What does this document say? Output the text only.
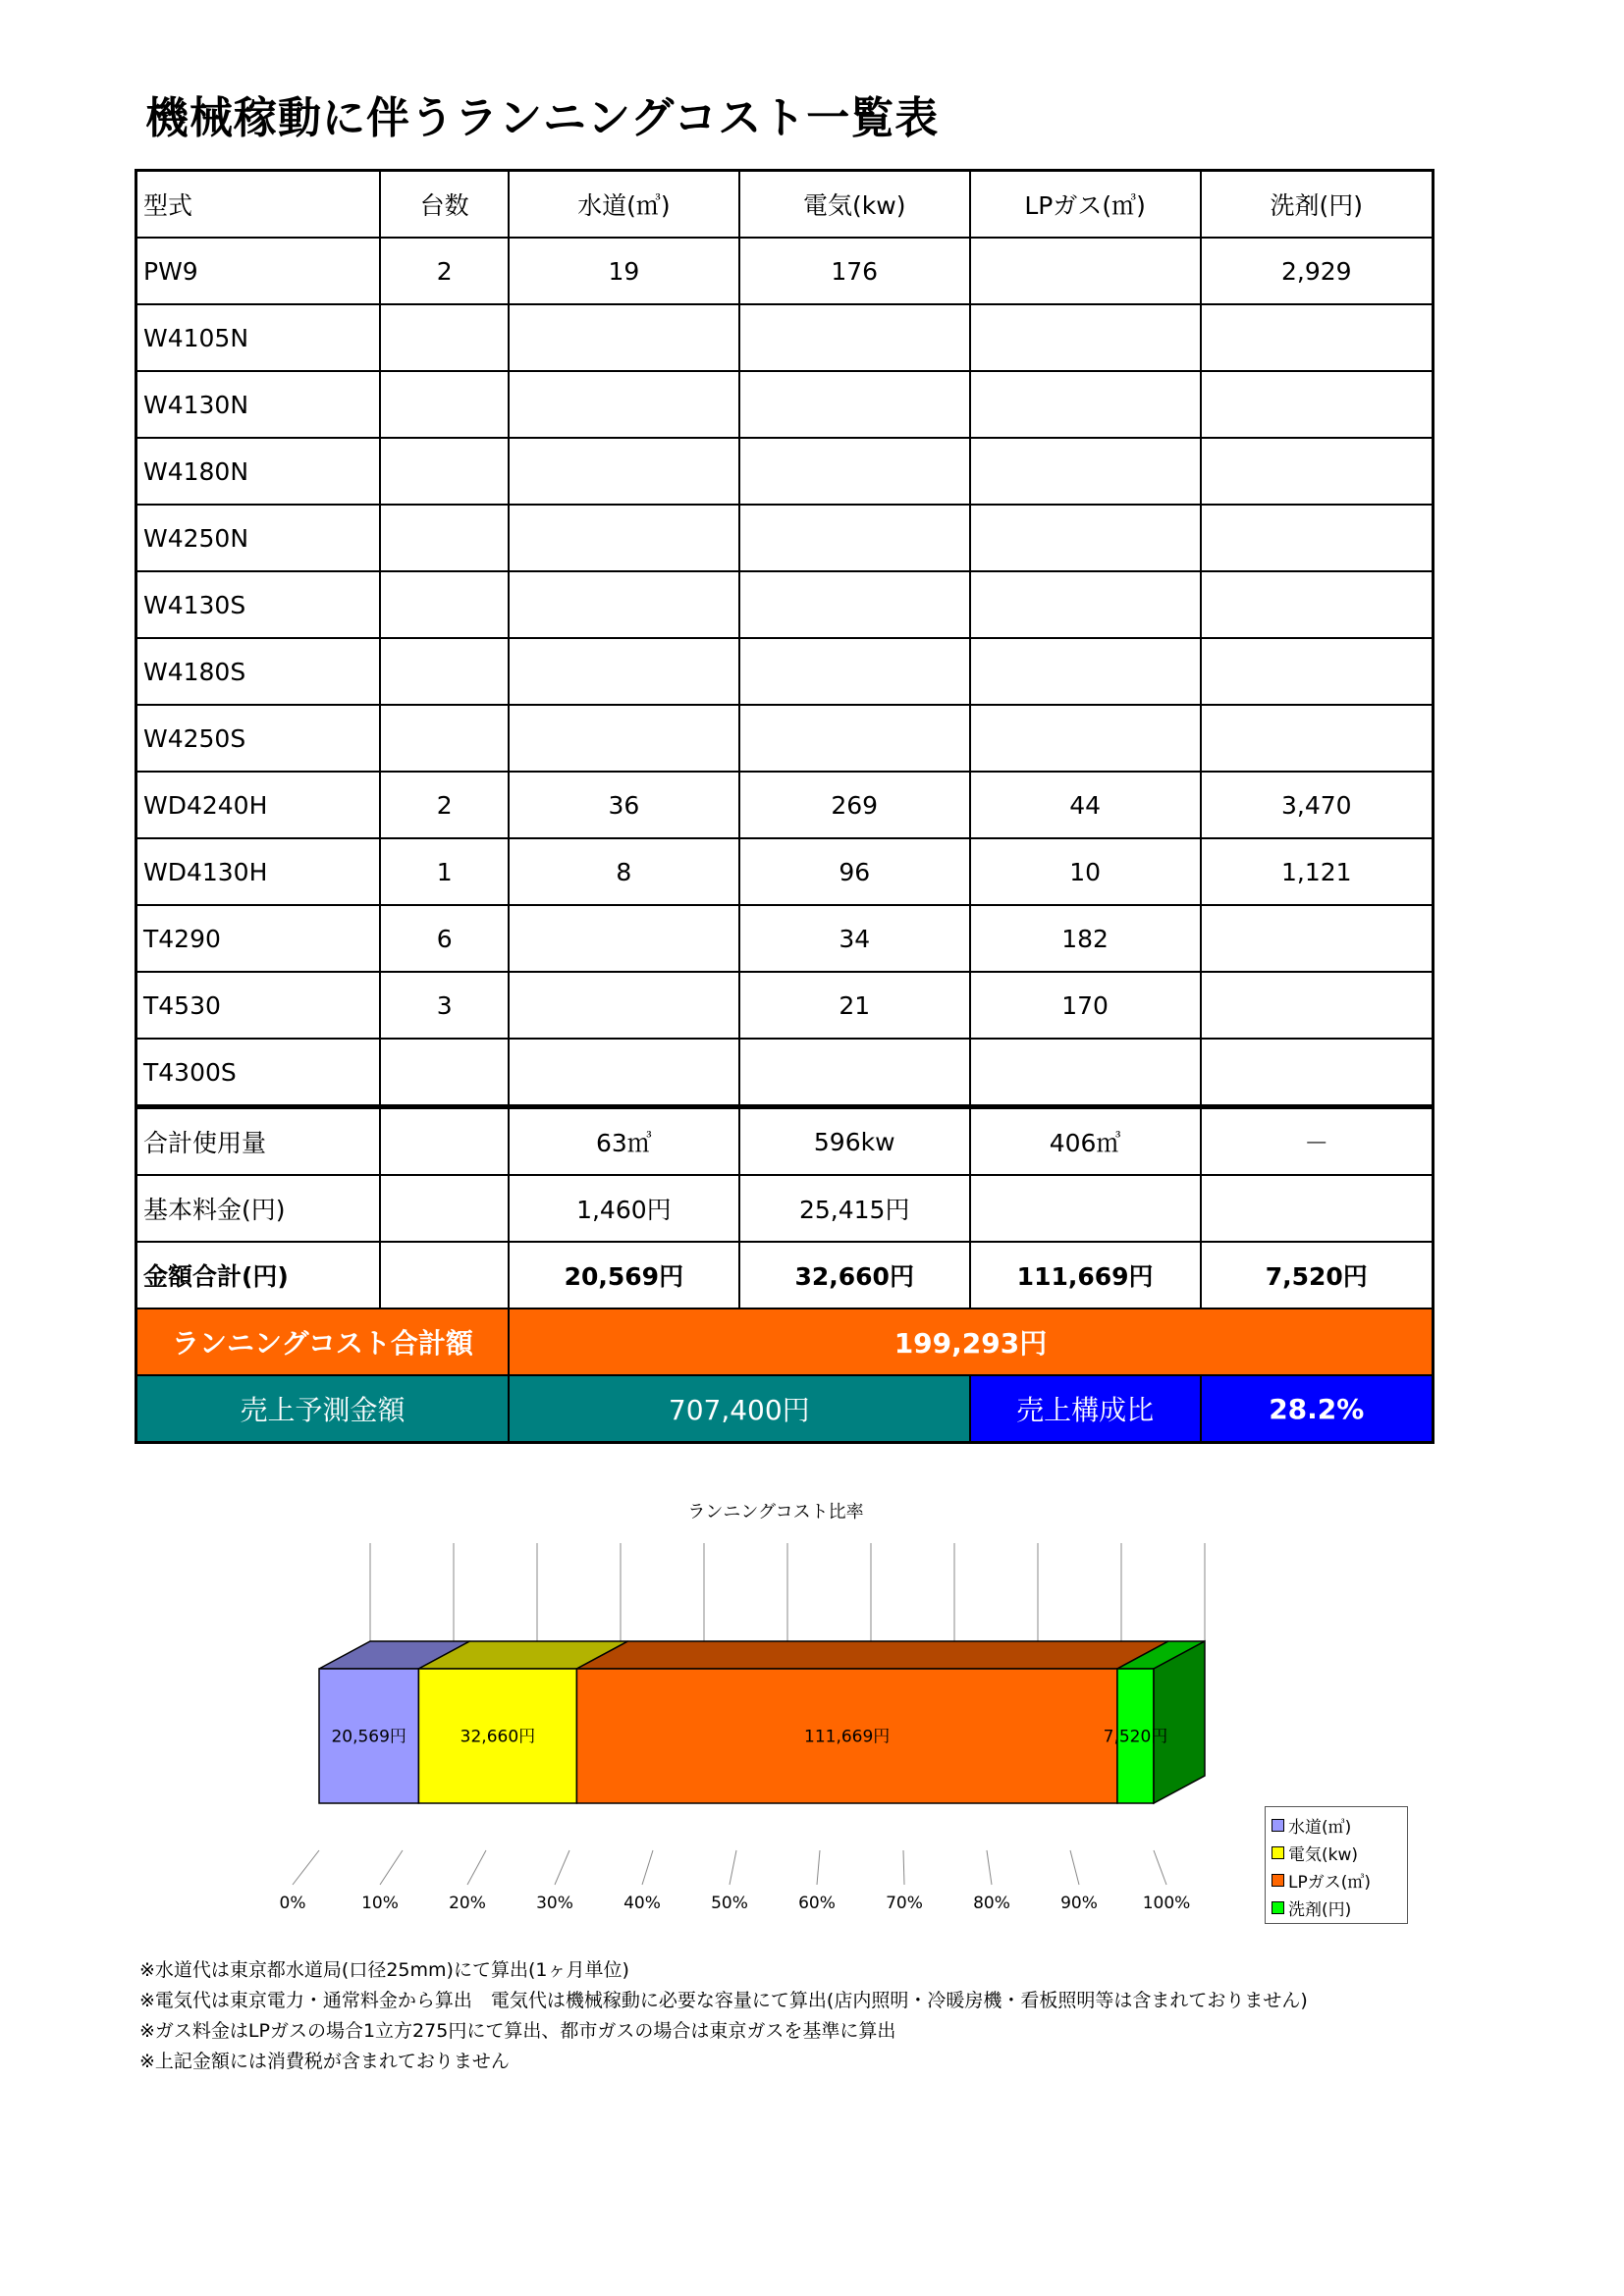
機械稼動に伴うランニングコスト一覧表
型式	台数	水道(㎥)	電気(kw)	LPガス(㎥)	洗剤(円)
PW9	2	19	176		2,929
W4105N					
W4130N					
W4180N					
W4250N					
W4130S					
W4180S					
W4250S					
WD4240H	2	36	269	44	3,470
WD4130H	1	8	96	10	1,121
T4290	6		34	182	
T4530	3		21	170	
T4300S					
合計使用量		63㎥	596kw	406㎥	－
基本料金(円)		1,460円	25,415円		
金額合計(円)		20,569円	32,660円	111,669円	7,520円
ランニングコスト合計額		199,293円			
売上予測金額		707,400円		売上構成比	28.2%
ランニングコスト比率
0%	10%	20%	30%	40%	50%	60%	70%	80%	90%	100%
20,569円	32,660円	111,669円	7,520円
水道(㎥)
電気(kw)
LPガス(㎥)
洗剤(円)
※水道代は東京都水道局(口径25mm)にて算出(1ヶ月単位)
※電気代は東京電力・通常料金から算出　電気代は機械稼動に必要な容量にて算出(店内照明・冷暖房機・看板照明等は含まれておりません)
※ガス料金はLPガスの場合1立方275円にて算出、都市ガスの場合は東京ガスを基準に算出
※上記金額には消費税が含まれておりません
